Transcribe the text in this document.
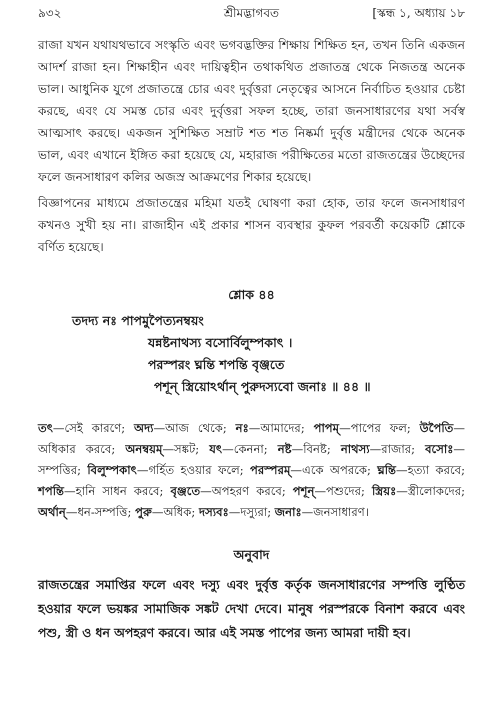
৯৩২	শ্রীমদ্ভাগবত	[স্কন্ধ ১, অধ্যায় ১৮

রাজা যখন যথাযথভাবে সংস্কৃতি এবং ভগবদ্ভক্তির শিক্ষায় শিক্ষিত হন, তখন তিনি একজন আদর্শ রাজা হন। শিক্ষাহীন এবং দায়িত্বহীন তথাকথিত প্রজাতন্ত্র থেকে নিজতন্ত্র অনেক ভাল। আধুনিক যুগে প্রজাতন্ত্রে চোর এবং দুর্বৃত্তরা নেতৃত্বের আসনে নির্বাচিত হওয়ার চেষ্টা করছে, এবং যে সমস্ত চোর এবং দুর্বৃত্তরা সফল হচ্ছে, তারা জনসাধারণের যথা সর্বস্ব আত্মসাৎ করছে। একজন সুশিক্ষিত সম্রাট শত শত নিষ্কর্মা দুর্বৃত্ত মন্ত্রীদের থেকে অনেক ভাল, এবং এখানে ইঙ্গিত করা হয়েছে যে, মহারাজ পরীক্ষিতের মতো রাজতন্ত্রের উচ্ছেদের ফলে জনসাধারণ কলির অজস্র আক্রমণের শিকার হয়েছে।

বিজ্ঞাপনের মাধ্যমে প্রজাতন্ত্রের মহিমা যতই ঘোষণা করা হোক, তার ফলে জনসাধারণ কখনও সুখী হয় না। রাজাহীন এই প্রকার শাসন ব্যবস্থার কুফল পরবর্তী কয়েকটি শ্লোকে বর্ণিত হয়েছে।

শ্লোক ৪৪
তদদ্য নঃ পাপমুপৈত্যনম্বয়ং
যন্নষ্টনাথস্য বসোর্বিলুম্পকাৎ ।
পরস্পরং ঘ্নন্তি শপন্তি বৃঞ্জতে
পশূন্ স্ত্রিয়োঽর্থান্ পুরুদস্যবো জনাঃ ॥ ৪৪ ॥
তৎ—সেই কারণে; অদ্য—আজ থেকে; নঃ—আমাদের; পাপম্—পাপের ফল; উপৈতি—অধিকার করবে; অনম্বয়ম্—সঙ্কট; যৎ—কেননা; নষ্ট—বিনষ্ট; নাথস্য—রাজার; বসোঃ—সম্পত্তির; বিলুম্পকাৎ—গর্হিত হওয়ার ফলে; পরস্পরম্—একে অপরকে; ঘ্নন্তি—হত্যা করবে; শপন্তি—হানি সাধন করবে; বৃঞ্জতে—অপহরণ করবে; পশূন্—পশুদের; স্ত্রিয়ঃ—স্ত্রীলোকদের; অর্থান্—ধন-সম্পত্তি; পুরু—অধিক; দস্যবঃ—দস্যুরা; জনাঃ—জনসাধারণ।
অনুবাদ
রাজতন্ত্রের সমাপ্তির ফলে এবং দস্যু এবং দুর্বৃত্ত কর্তৃক জনসাধারণের সম্পত্তি লুণ্ঠিত হওয়ার ফলে ভয়ঙ্কর সামাজিক সঙ্কট দেখা দেবে। মানুষ পরস্পরকে বিনাশ করবে এবং পশু, স্ত্রী ও ধন অপহরণ করবে। আর এই সমস্ত পাপের জন্য আমরা দায়ী হব।
